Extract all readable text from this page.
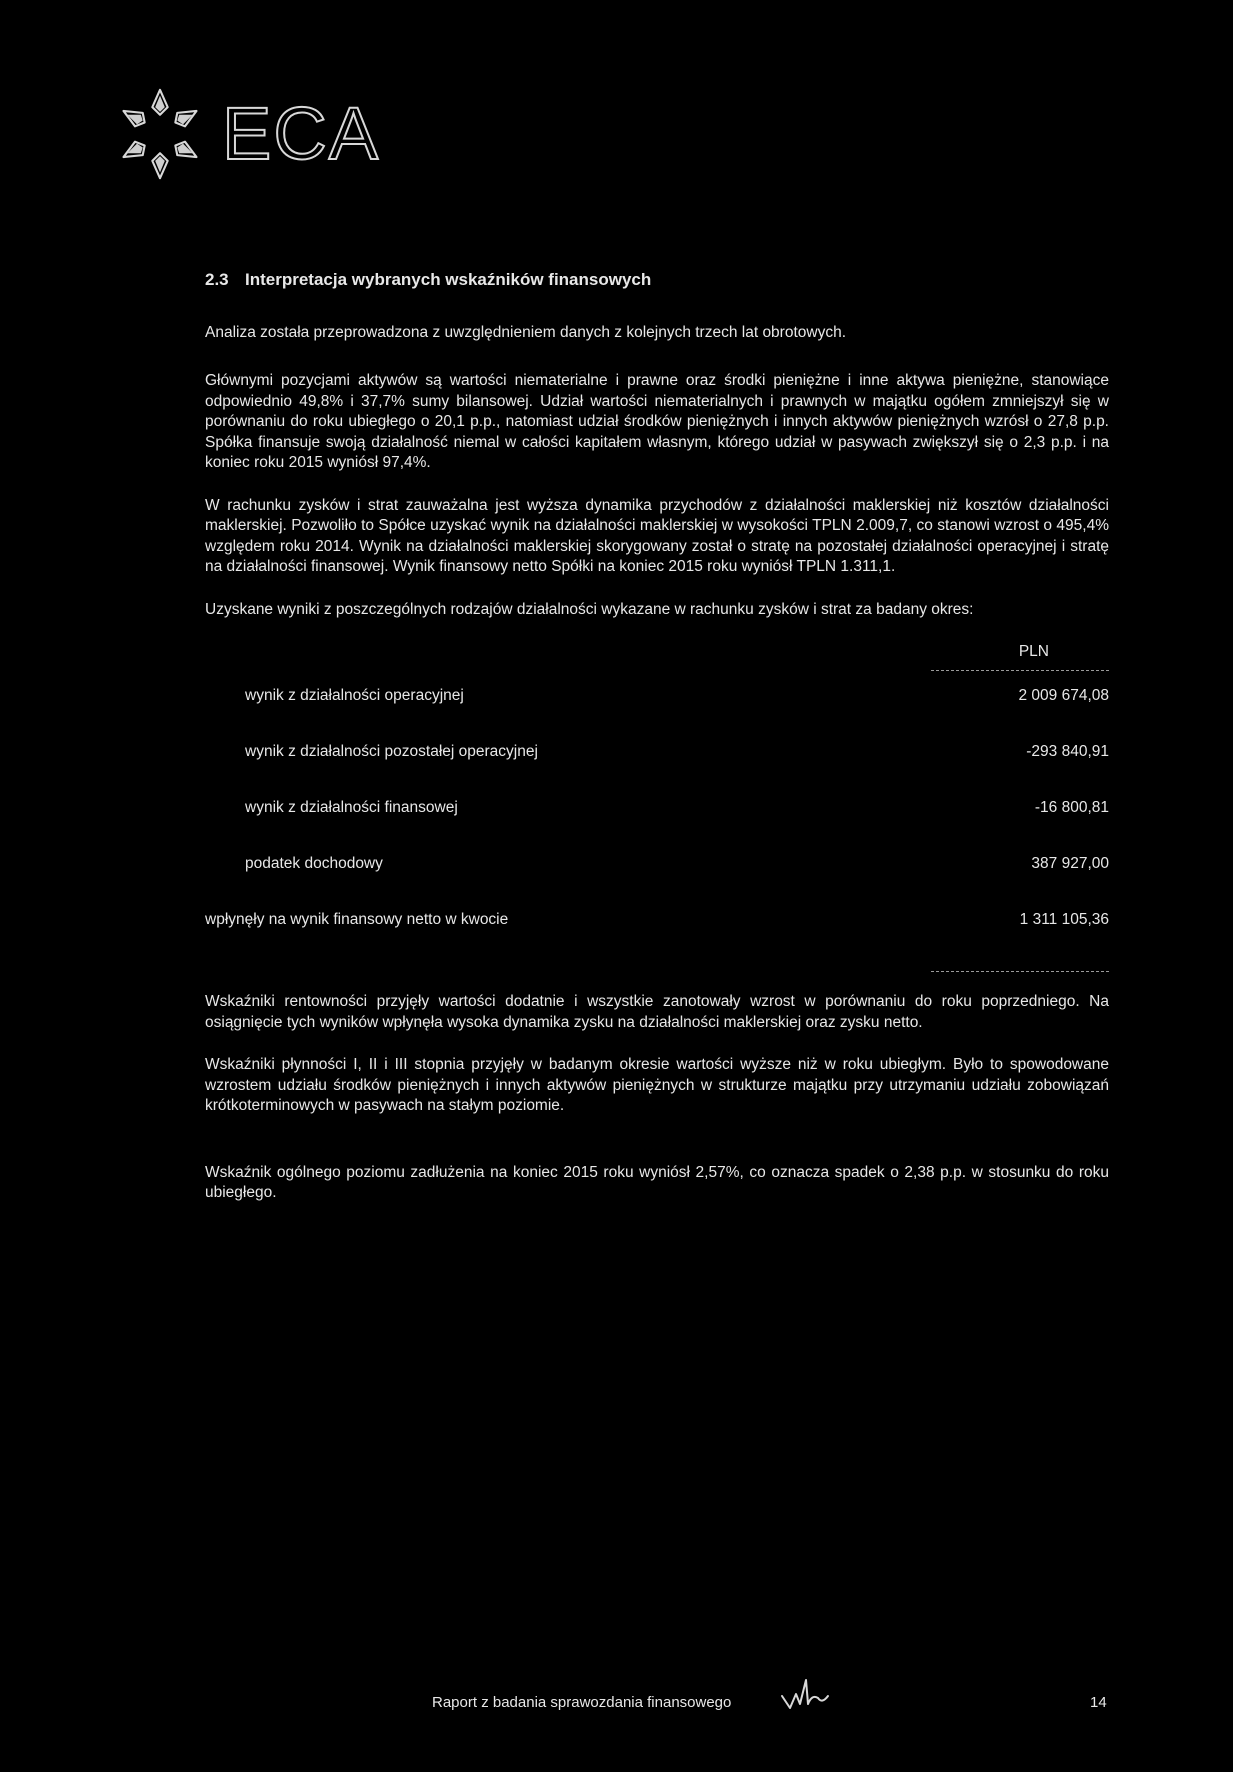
ECA
2.3 Interpretacja wybranych wskaźników finansowych

Analiza została przeprowadzona z uwzględnieniem danych z kolejnych trzech lat obrotowych.

Głównymi pozycjami aktywów są wartości niematerialne i prawne oraz środki pieniężne i inne aktywa pieniężne, stanowiące odpowiednio 49,8% i 37,7% sumy bilansowej. Udział wartości niematerialnych i prawnych w majątku ogółem zmniejszył się w porównaniu do roku ubiegłego o 20,1 p.p., natomiast udział środków pieniężnych i innych aktywów pieniężnych wzrósł o 27,8 p.p. Spółka finansuje swoją działalność niemal w całości kapitałem własnym, którego udział w pasywach zwiększył się o 2,3 p.p. i na koniec roku 2015 wyniósł 97,4%.

W rachunku zysków i strat zauważalna jest wyższa dynamika przychodów z działalności maklerskiej niż kosztów działalności maklerskiej. Pozwoliło to Spółce uzyskać wynik na działalności maklerskiej w wysokości TPLN 2.009,7, co stanowi wzrost o 495,4% względem roku 2014. Wynik na działalności maklerskiej skorygowany został o stratę na pozostałej działalności operacyjnej i stratę na działalności finansowej. Wynik finansowy netto Spółki na koniec 2015 roku wyniósł TPLN 1.311,1.

Uzyskane wyniki z poszczególnych rodzajów działalności wykazane w rachunku zysków i strat za badany okres:

PLN
wynik z działalności operacyjnej	2 009 674,08
wynik z działalności pozostałej operacyjnej	-293 840,91
wynik z działalności finansowej	-16 800,81
podatek dochodowy	387 927,00
wpłynęły na wynik finansowy netto w kwocie	1 311 105,36

Wskaźniki rentowności przyjęły wartości dodatnie i wszystkie zanotowały wzrost w porównaniu do roku poprzedniego. Na osiągnięcie tych wyników wpłynęła wysoka dynamika zysku na działalności maklerskiej oraz zysku netto.

Wskaźniki płynności I, II i III stopnia przyjęły w badanym okresie wartości wyższe niż w roku ubiegłym. Było to spowodowane wzrostem udziału środków pieniężnych i innych aktywów pieniężnych w strukturze majątku przy utrzymaniu udziału zobowiązań krótkoterminowych w pasywach na stałym poziomie.

Wskaźnik ogólnego poziomu zadłużenia na koniec 2015 roku wyniósł 2,57%, co oznacza spadek o 2,38 p.p. w stosunku do roku ubiegłego.

Raport z badania sprawozdania finansowego	14
